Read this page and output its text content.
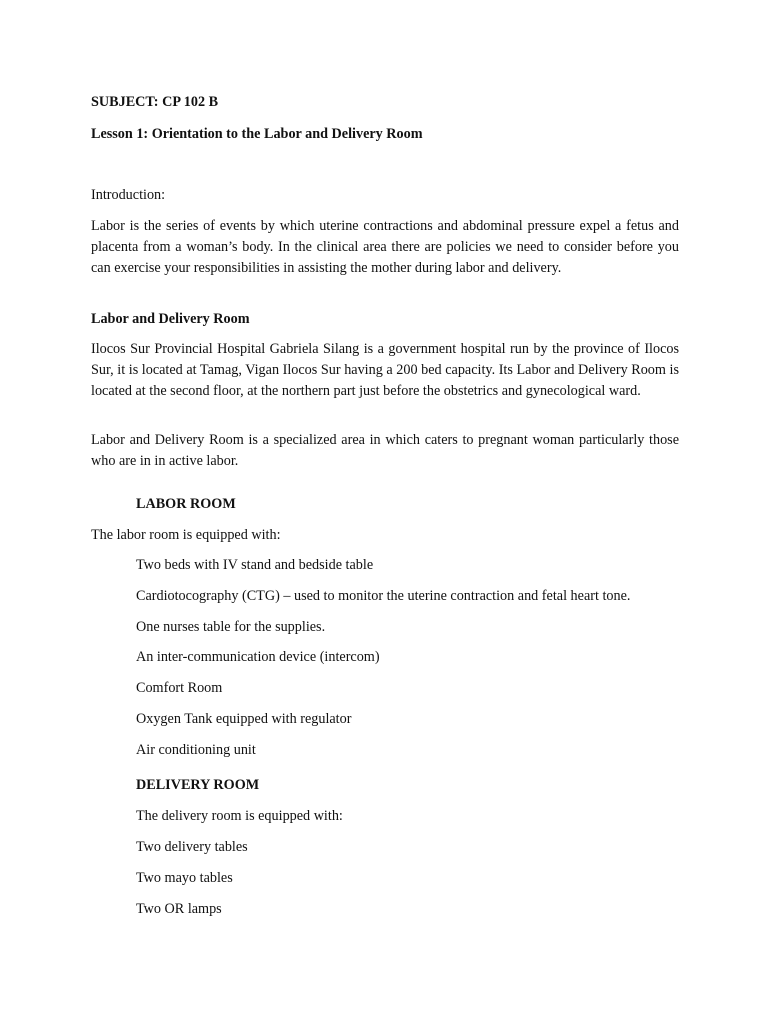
SUBJECT: CP 102 B
Lesson 1: Orientation to the Labor and Delivery Room
Introduction:
Labor is the series of events by which uterine contractions and abdominal pressure expel a fetus and placenta from a woman’s body. In the clinical area there are policies we need to consider before you can exercise your responsibilities in assisting the mother during labor and delivery.
Labor and Delivery Room
Ilocos Sur Provincial Hospital Gabriela Silang is a government hospital run by the province of Ilocos Sur, it is located at Tamag, Vigan Ilocos Sur having a 200 bed capacity. Its Labor and Delivery Room is located at the second floor, at the northern part just before the obstetrics and gynecological ward.
Labor and Delivery Room is a specialized area in which caters to pregnant woman particularly those who are in in active labor.
LABOR ROOM
The labor room is equipped with:
Two beds with IV stand and bedside table
Cardiotocography (CTG) – used to monitor the uterine contraction and fetal heart tone.
One nurses table for the supplies.
An inter-communication device (intercom)
Comfort Room
Oxygen Tank equipped with regulator
Air conditioning unit
DELIVERY ROOM
The delivery room is equipped with:
Two delivery tables
Two mayo tables
Two OR lamps
